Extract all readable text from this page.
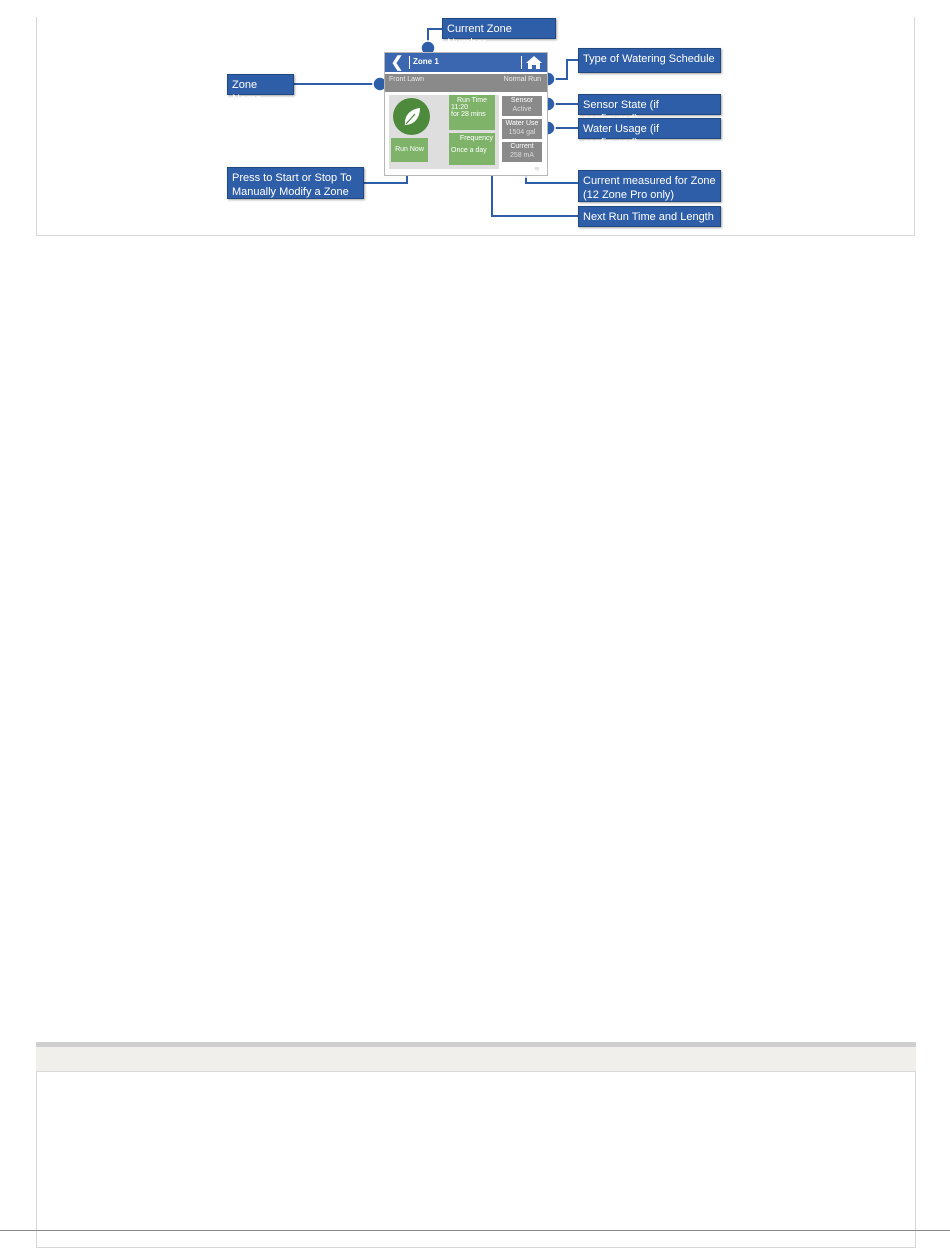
❮	Zone 1
Front Lawn	Normal Run
Run Now
Run Time
11:20
for 28 mins
Frequency
Once a day
Sensor
Active
Water Use
1504 gal
Current
258 mA
≋
Current Zone Number
Type of Watering Schedule
Zone Name	Sensor State (if
Water Usage (if configured)
Press to Start or Stop To
Manually Modify a Zone
Current measured for Zone
(12 Zone Pro only)
Next Run Time and Length
